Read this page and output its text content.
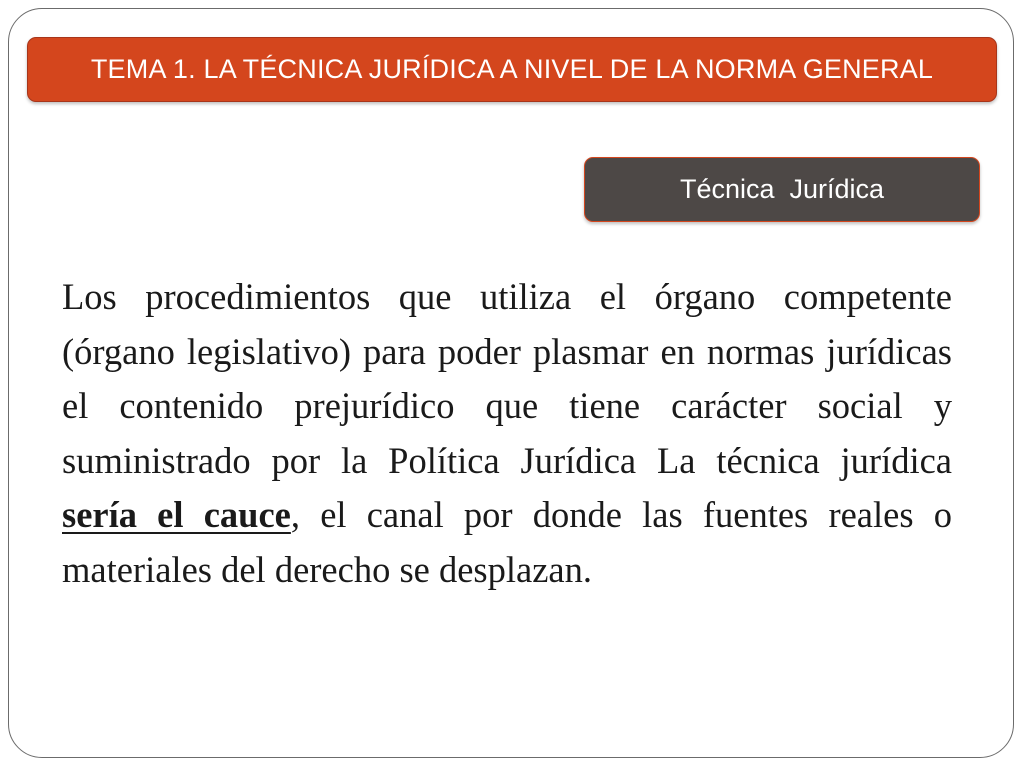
TEMA 1. LA TÉCNICA JURÍDICA A NIVEL DE LA NORMA GENERAL
Técnica  Jurídica

Los procedimientos que utiliza el órgano competente (órgano legislativo) para poder plasmar en normas jurídicas el contenido prejurídico que tiene carácter social y suministrado por la Política Jurídica La técnica jurídica sería el cauce, el canal por donde las fuentes reales o materiales del derecho se desplazan.
